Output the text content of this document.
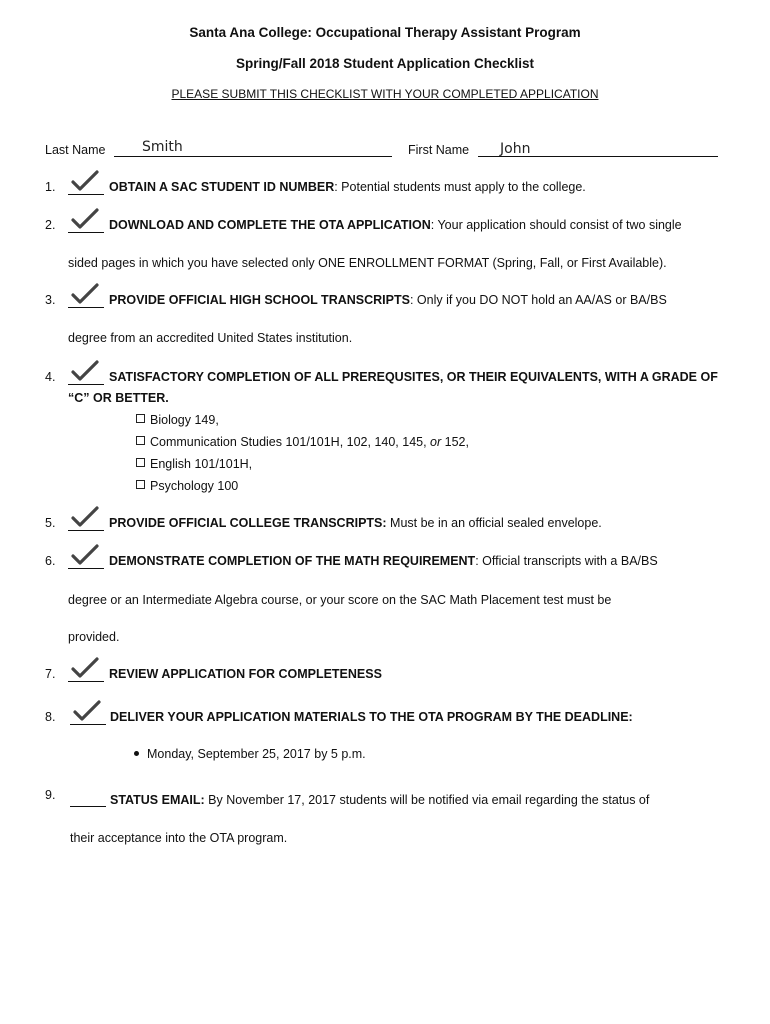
Santa Ana College: Occupational Therapy Assistant Program
Spring/Fall 2018 Student Application Checklist
PLEASE SUBMIT THIS CHECKLIST WITH YOUR COMPLETED APPLICATION
Last Name	Smith	First Name John
1.	OBTAIN A SAC STUDENT ID NUMBER: Potential students must apply to the college.
2.	DOWNLOAD AND COMPLETE THE OTA APPLICATION: Your application should consist of two single
sided pages in which you have selected only ONE ENROLLMENT FORMAT (Spring, Fall, or First Available).
3.	PROVIDE OFFICIAL HIGH SCHOOL TRANSCRIPTS: Only if you DO NOT hold an AA/AS or BA/BS
degree from an accredited United States institution.
4.	SATISFACTORY COMPLETION OF ALL PREREQUSITES, OR THEIR EQUIVALENTS, WITH A GRADE OF
“C” OR BETTER.
Biology 149,
Communication Studies 101/101H, 102, 140, 145, or 152,
English 101/101H,
Psychology 100
5.	PROVIDE OFFICIAL COLLEGE TRANSCRIPTS: Must be in an official sealed envelope.
6.	DEMONSTRATE COMPLETION OF THE MATH REQUIREMENT: Official transcripts with a BA/BS
degree or an Intermediate Algebra course, or your score on the SAC Math Placement test must be
provided.
7.	REVIEW APPLICATION FOR COMPLETENESS
8.	DELIVER YOUR APPLICATION MATERIALS TO THE OTA PROGRAM BY THE DEADLINE:
Monday, September 25, 2017 by 5 p.m.
9.	STATUS EMAIL: By November 17, 2017 students will be notified via email regarding the status of
their acceptance into the OTA program.
